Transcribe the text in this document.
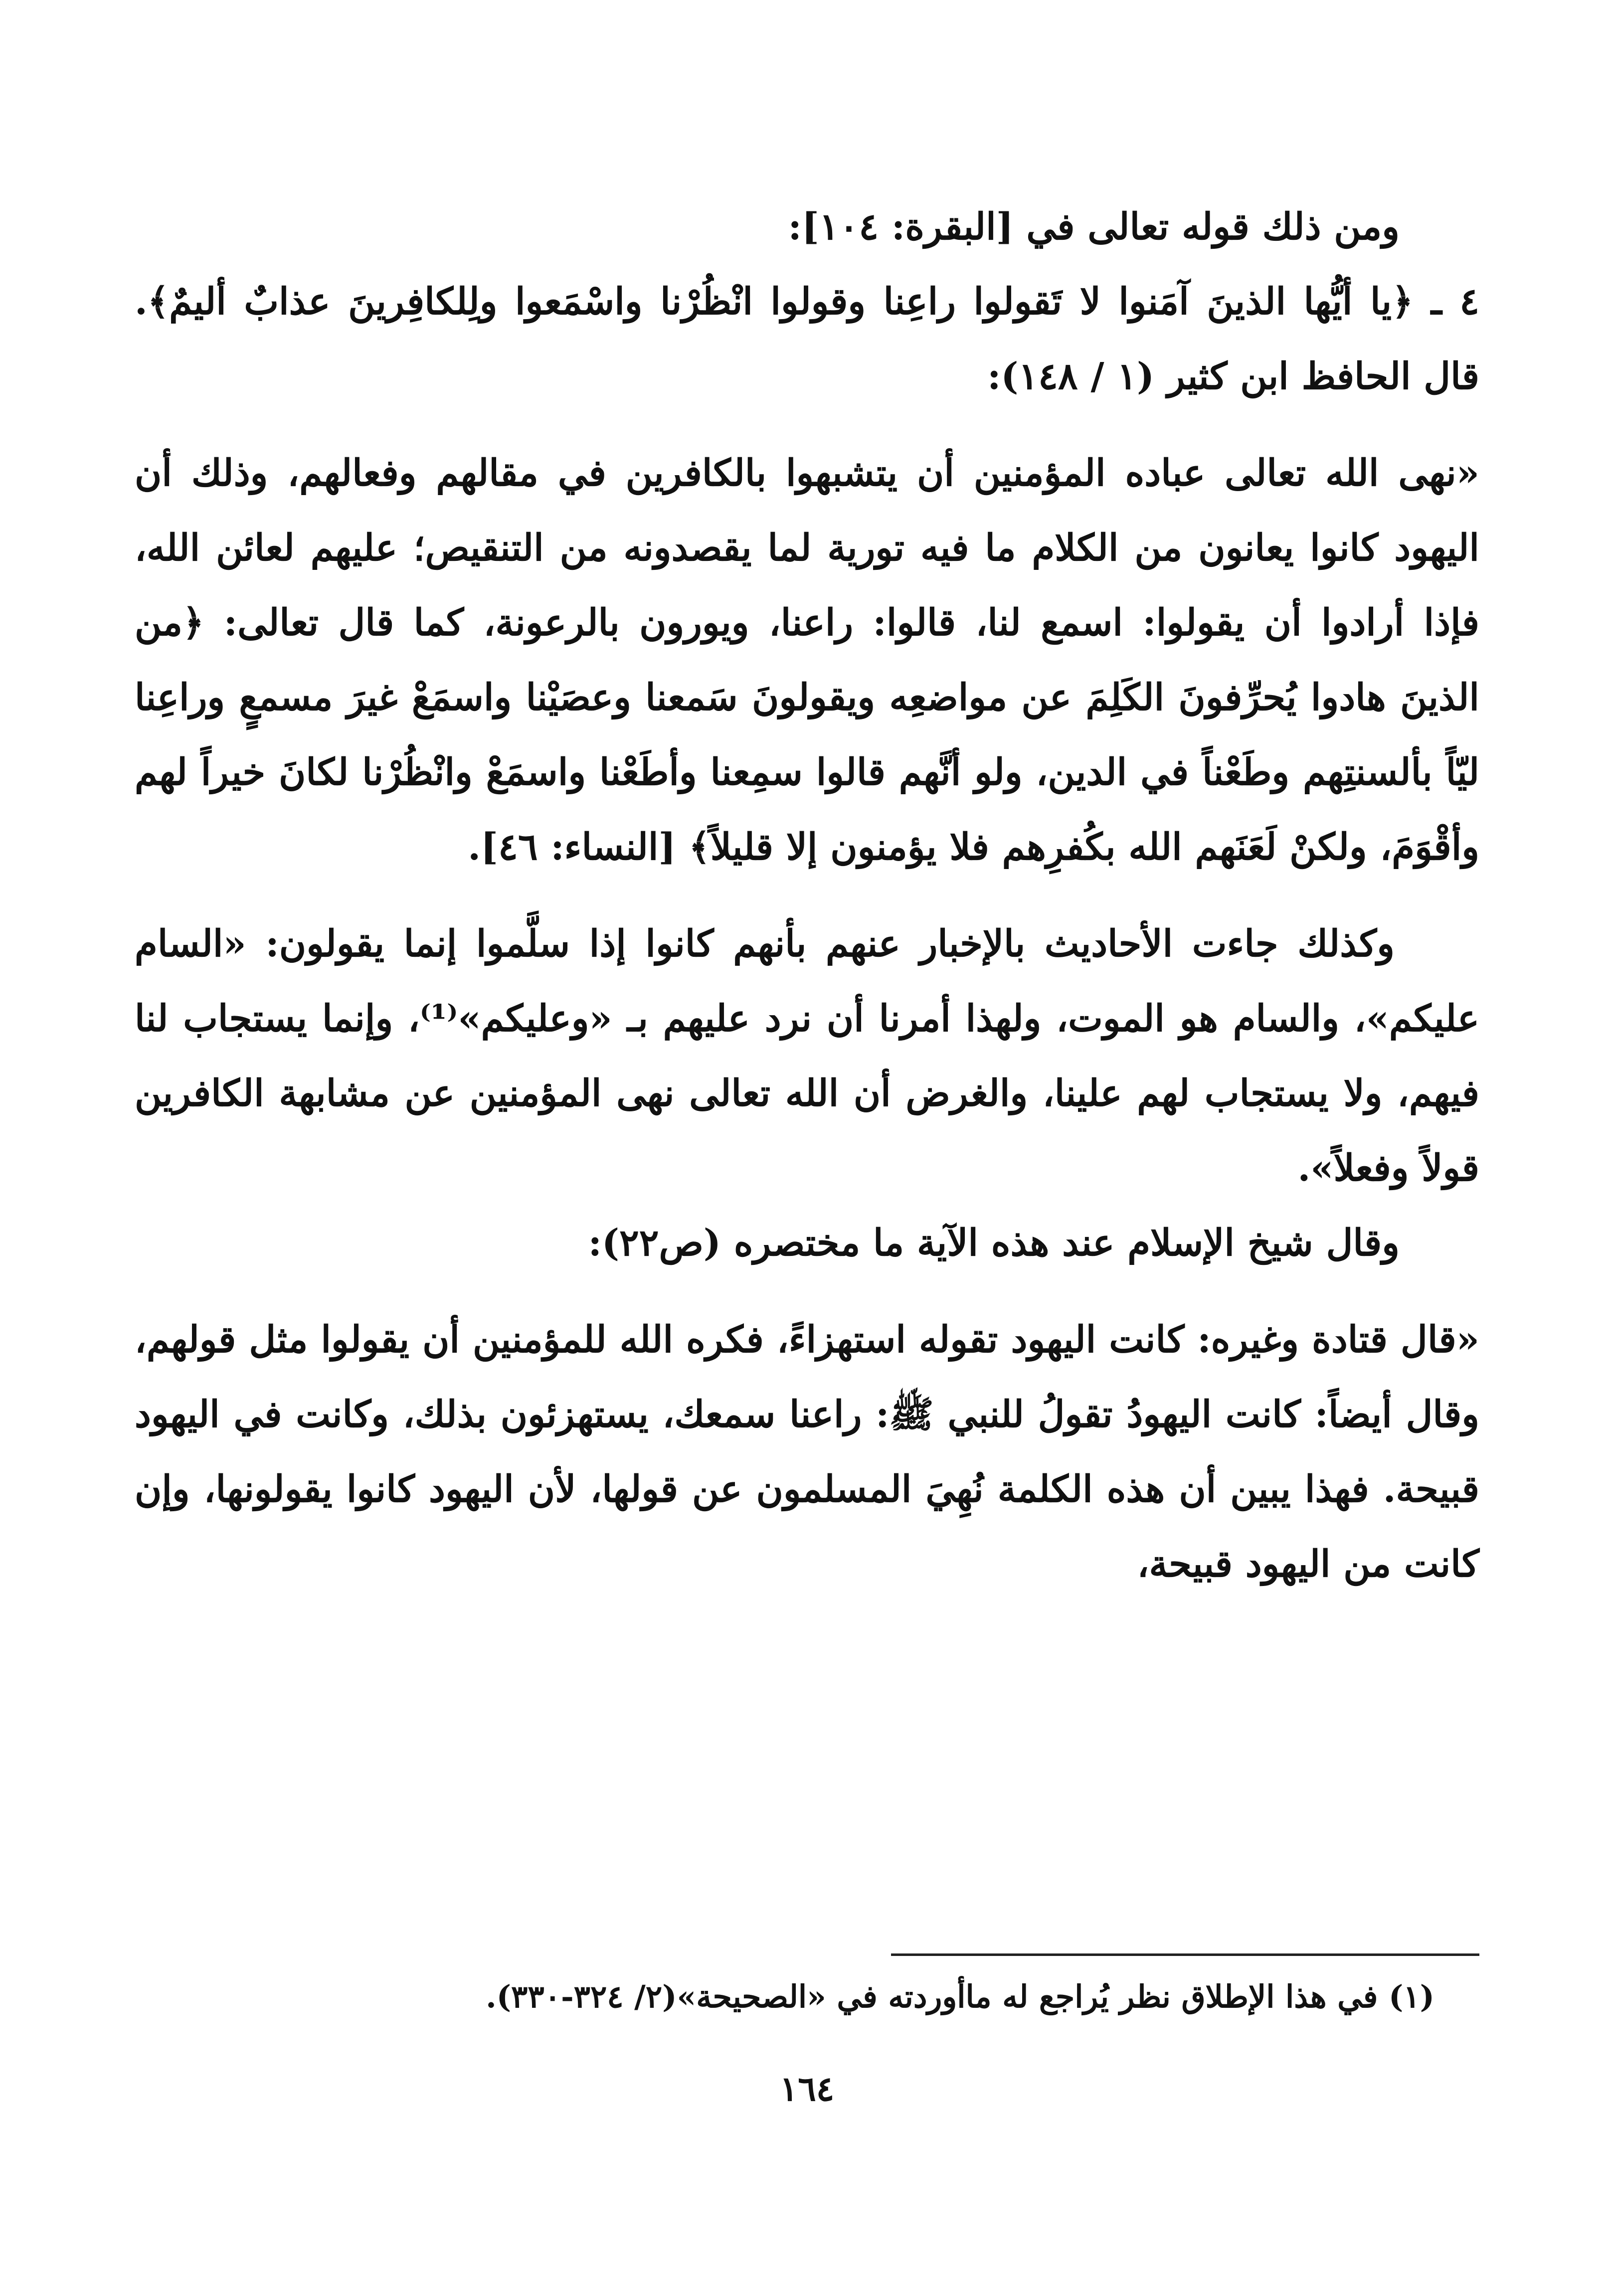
ومن ذلك قوله تعالى في [البقرة: ١٠٤]:

٤ ـ ﴿يا أيُّها الذينَ آمَنوا لا تَقولوا راعِنا وقولوا انْظُرْنا واسْمَعوا ولِلكافِرينَ عذابٌ أليمٌ﴾. قال الحافظ ابن كثير (١ / ١٤٨):

«نهى الله تعالى عباده المؤمنين أن يتشبهوا بالكافرين في مقالهم وفعالهم، وذلك أن اليهود كانوا يعانون من الكلام ما فيه تورية لما يقصدونه من التنقيص؛ عليهم لعائن الله، فإذا أرادوا أن يقولوا: اسمع لنا، قالوا: راعنا، ويورون بالرعونة، كما قال تعالى: ﴿من الذينَ هادوا يُحرِّفونَ الكَلِمَ عن مواضعِه ويقولونَ سَمعنا وعصَيْنا واسمَعْ غيرَ مسمعٍ وراعِنا ليّاً بألسنتِهم وطَعْناً في الدين، ولو أنَّهم قالوا سمِعنا وأطَعْنا واسمَعْ وانْظُرْنا لكانَ خيراً لهم وأقْوَمَ، ولكنْ لَعَنَهم الله بكُفرِهم فلا يؤمنون إلا قليلاً﴾ [النساء: ٤٦].

وكذلك جاءت الأحاديث بالإخبار عنهم بأنهم كانوا إذا سلَّموا إنما يقولون: «السام عليكم»، والسام هو الموت، ولهذا أمرنا أن نرد عليهم بـ «وعليكم»⁽¹⁾، وإنما يستجاب لنا فيهم، ولا يستجاب لهم علينا، والغرض أن الله تعالى نهى المؤمنين عن مشابهة الكافرين قولاً وفعلاً».

وقال شيخ الإسلام عند هذه الآية ما مختصره (ص٢٢):

«قال قتادة وغيره: كانت اليهود تقوله استهزاءً، فكره الله للمؤمنين أن يقولوا مثل قولهم، وقال أيضاً: كانت اليهودُ تقولُ للنبي ﷺ: راعنا سمعك، يستهزئون بذلك، وكانت في اليهود قبيحة. فهذا يبين أن هذه الكلمة نُهِيَ المسلمون عن قولها، لأن اليهود كانوا يقولونها، وإن كانت من اليهود قبيحة،

(١) في هذا الإطلاق نظر يُراجع له ماأوردته في «الصحيحة»(٢/ ٣٢٤-٣٣٠).
١٦٤
